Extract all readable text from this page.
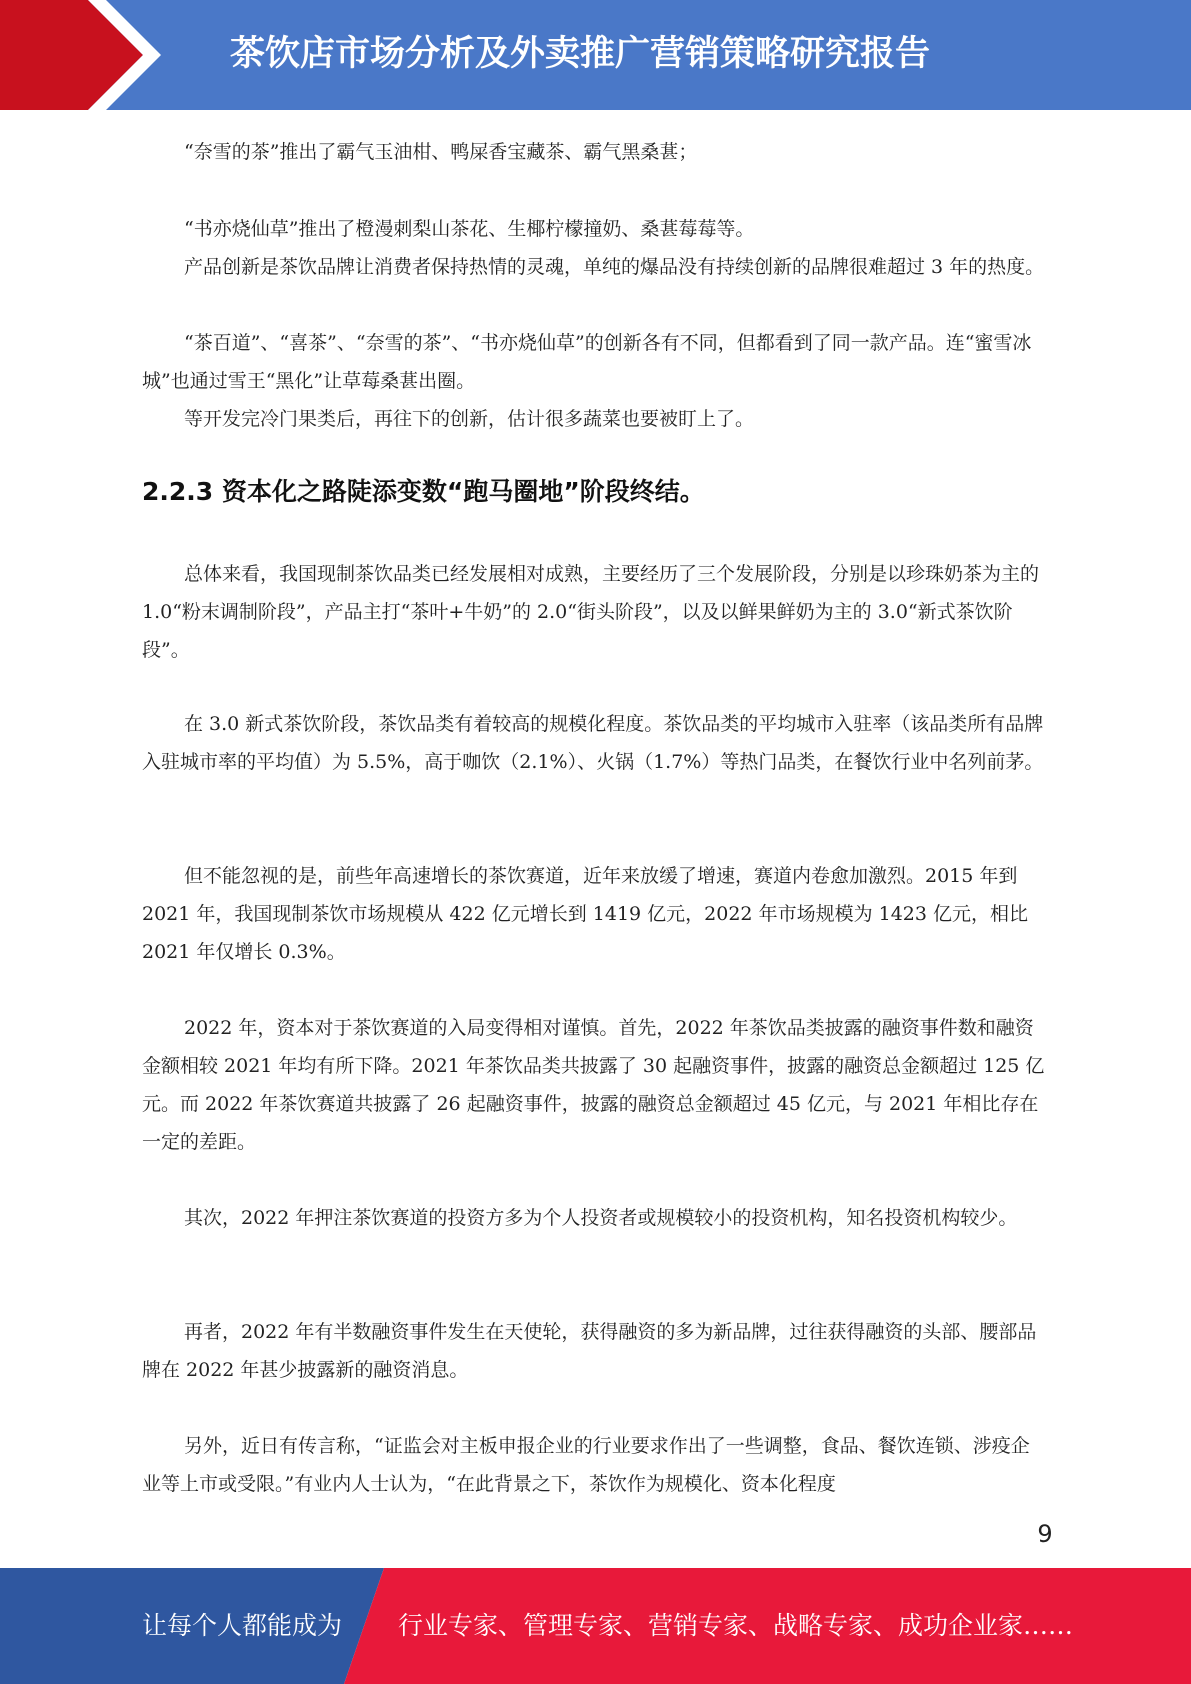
茶饮店市场分析及外卖推广营销策略研究报告

“奈雪的茶”推出了霸气玉油柑、鸭屎香宝藏茶、霸气黑桑葚；

“书亦烧仙草”推出了橙漫刺梨山茶花、生椰柠檬撞奶、桑葚莓莓等。

产品创新是茶饮品牌让消费者保持热情的灵魂，单纯的爆品没有持续创新的品牌很难超过 3 年的热度。

“茶百道”、“喜茶”、“奈雪的茶”、“书亦烧仙草”的创新各有不同，但都看到了同一款产品。连“蜜雪冰城”也通过雪王“黑化”让草莓桑葚出圈。

等开发完冷门果类后，再往下的创新，估计很多蔬菜也要被盯上了。

2.2.3 资本化之路陡添变数“跑马圈地”阶段终结。

总体来看，我国现制茶饮品类已经发展相对成熟，主要经历了三个发展阶段，分别是以珍珠奶茶为主的 1.0“粉末调制阶段”，产品主打“茶叶+牛奶”的 2.0“街头阶段”，以及以鲜果鲜奶为主的 3.0“新式茶饮阶段”。

在 3.0 新式茶饮阶段，茶饮品类有着较高的规模化程度。茶饮品类的平均城市入驻率（该品类所有品牌入驻城市率的平均值）为 5.5%，高于咖饮（2.1%）、火锅（1.7%）等热门品类，在餐饮行业中名列前茅。

但不能忽视的是，前些年高速增长的茶饮赛道，近年来放缓了增速，赛道内卷愈加激烈。2015 年到 2021 年，我国现制茶饮市场规模从 422 亿元增长到 1419 亿元，2022 年市场规模为 1423 亿元，相比 2021 年仅增长 0.3%。

2022 年，资本对于茶饮赛道的入局变得相对谨慎。首先，2022 年茶饮品类披露的融资事件数和融资金额相较 2021 年均有所下降。2021 年茶饮品类共披露了 30 起融资事件，披露的融资总金额超过 125 亿元。而 2022 年茶饮赛道共披露了 26 起融资事件，披露的融资总金额超过 45 亿元，与 2021 年相比存在一定的差距。

其次，2022 年押注茶饮赛道的投资方多为个人投资者或规模较小的投资机构，知名投资机构较少。

再者，2022 年有半数融资事件发生在天使轮，获得融资的多为新品牌，过往获得融资的头部、腰部品牌在 2022 年甚少披露新的融资消息。

另外，近日有传言称，“证监会对主板申报企业的行业要求作出了一些调整，食品、餐饮连锁、涉疫企业等上市或受限。”有业内人士认为，“在此背景之下，茶饮作为规模化、资本化程度

9
让每个人都能成为 行业专家、管理专家、营销专家、战略专家、成功企业家……
